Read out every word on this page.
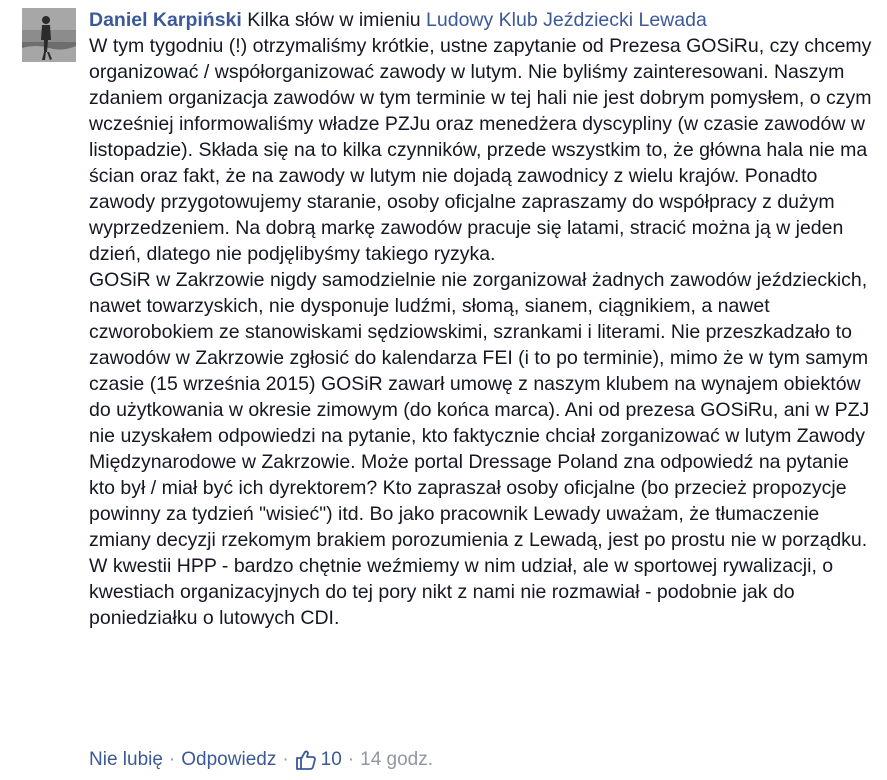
Daniel Karpiński Kilka słów w imieniu Ludowy Klub Jeździecki Lewada
W tym tygodniu (!) otrzymaliśmy krótkie, ustne zapytanie od Prezesa GOSiRu, czy chcemy organizować / współorganizować zawody w lutym. Nie byliśmy zainteresowani. Naszym zdaniem organizacja zawodów w tym terminie w tej hali nie jest dobrym pomysłem, o czym wcześniej informowaliśmy władze PZJu oraz menedżera dyscypliny (w czasie zawodów w listopadzie). Składa się na to kilka czynników, przede wszystkim to, że główna hala nie ma ścian oraz fakt, że na zawody w lutym nie dojadą zawodnicy z wielu krajów. Ponadto zawody przygotowujemy staranie, osoby oficjalne zapraszamy do współpracy z dużym wyprzedzeniem. Na dobrą markę zawodów pracuje się latami, stracić można ją w jeden dzień, dlatego nie podjęlibyśmy takiego ryzyka.
GOSiR w Zakrzowie nigdy samodzielnie nie zorganizował żadnych zawodów jeździeckich, nawet towarzyskich, nie dysponuje ludźmi, słomą, sianem, ciągnikiem, a nawet czworobokiem ze stanowiskami sędziowskimi, szrankami i literami. Nie przeszkadzało to zawodów w Zakrzowie zgłosić do kalendarza FEI (i to po terminie), mimo że w tym samym czasie (15 września 2015) GOSiR zawarł umowę z naszym klubem na wynajem obiektów do użytkowania w okresie zimowym (do końca marca). Ani od prezesa GOSiRu, ani w PZJ nie uzyskałem odpowiedzi na pytanie, kto faktycznie chciał zorganizować w lutym Zawody Międzynarodowe w Zakrzowie. Może portal Dressage Poland zna odpowiedź na pytanie kto był / miał być ich dyrektorem? Kto zapraszał osoby oficjalne (bo przecież propozycje powinny za tydzień "wisieć") itd. Bo jako pracownik Lewady uważam, że tłumaczenie zmiany decyzji rzekomym brakiem porozumienia z Lewadą, jest po prostu nie w porządku.
W kwestii HPP - bardzo chętnie weźmiemy w nim udział, ale w sportowej rywalizacji, o kwestiach organizacyjnych do tej pory nikt z nami nie rozmawiał - podobnie jak do poniedziałku o lutowych CDI.
Nie lubię · Odpowiedz · 10 · 14 godz.
